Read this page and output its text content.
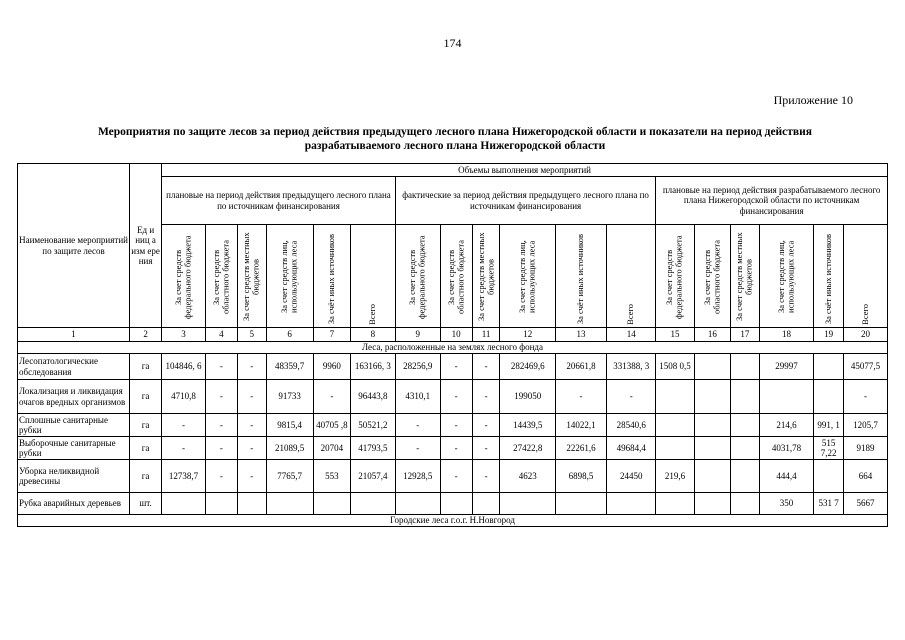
174
Приложение 10
Мероприятия по защите лесов за период действия предыдущего лесного плана Нижегородской области и показатели на период действия разрабатываемого лесного плана Нижегородской области
Наименование мероприятий по защите лесов	Ед и ниц а изм ере ния	Объемы выполнения мероприятий																	
		плановые на период действия предыдущего лесного плана по источникам финансирования						фактические за период действия предыдущего лесного плана по источникам финансирования						плановые на период действия разрабатываемого лесного плана Нижегородской области по источникам финансирования					
		За счет средств федерального бюджета	За счет средств областного бюджета	За счет средств местных бюджетов	За счет средств лиц, использующих леса	За счёт иных источников	Всего	За счет средств федерального бюджета	За счет средств областного бюджета	За счет средств местных бюджетов	За счет средств лиц, использующих леса	За счёт иных источников	Всего	За счет средств федерального бюджета	За счет средств областного бюджета	За счет средств местных бюджетов	За счет средств лиц, использующих леса	За счёт иных источников	Всего
1	2	3	4	5	6	7	8	9	10	11	12	13	14	15	16	17	18	19	20
Леса, расположенные на землях лесного фонда																			
Лесопатологические обследования	га	104846, 6	-	-	48359,7	9960	163166, 3	28256,9	-	-	282469,6	20661,8	331388, 3	1508 0,5			29997		45077,5
Локализация и ликвидация очагов вредных организмов	га	4710,8	-	-	91733	-	96443,8	4310,1	-	-	199050	-	-						-
Сплошные санитарные рубки	га	-	-	-	9815,4	40705 ,8	50521,2	-	-	-	14439,5	14022,1	28540,6				214,6	991, 1	1205,7
Выборочные санитарные рубки	га	-	-	-	21089,5	20704	41793,5	-	-	-	27422,8	22261,6	49684,4				4031,78	515 7,22	9189
Уборка неликвидной древесины	га	12738,7	-	-	7765,7	553	21057,4	12928,5	-	-	4623	6898,5	24450	219,6			444,4		664
Рубка аварийных деревьев	шт.																350	531 7	5667
Городские леса г.о.г. Н.Новгород																			
